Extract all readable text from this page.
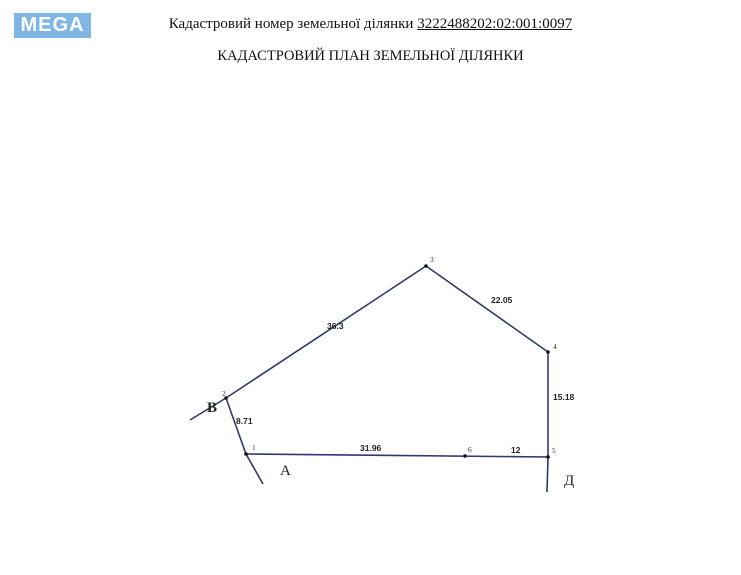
MEGA	Кадастровий номер земельної ділянки 3222488202:02:001:0097
КАДАСТРОВИЙ ПЛАН ЗЕМЕЛЬНОЇ ДІЛЯНКИ
3
4
5
6
1
2
36.3
22.05
15.18
8.71
31.96	12
В
А
Д
